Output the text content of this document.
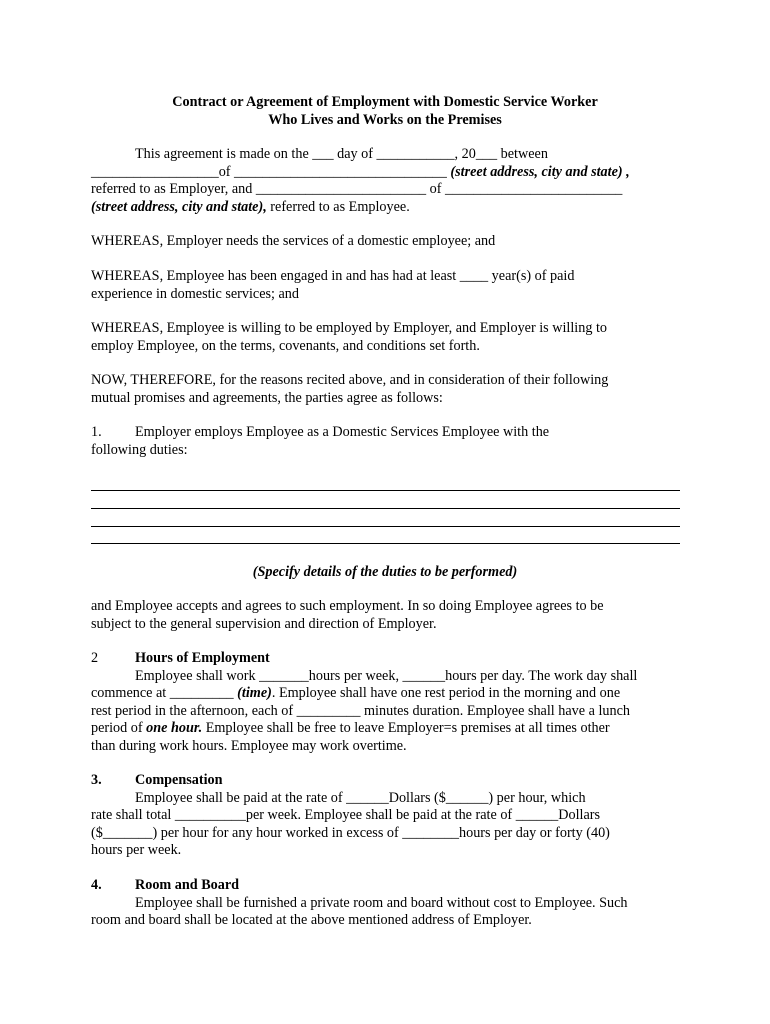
Contract or Agreement of Employment with Domestic Service Worker
Who Lives and Works on the Premises
This agreement is made on the ___ day of ___________, 20___ between
__________________of ______________________________ (street address, city and state) ,
referred to as Employer, and ________________________ of _________________________
(street address, city and state), referred to as Employee.
WHEREAS, Employer needs the services of a domestic employee; and
WHEREAS, Employee has been engaged in and has had at least ____ year(s) of paid
experience in domestic services; and
WHEREAS, Employee is willing to be employed by Employer, and Employer is willing to
employ Employee, on the terms, covenants, and conditions set forth.
NOW, THEREFORE, for the reasons recited above, and in consideration of their following
mutual promises and agreements, the parties agree as follows:
1. Employer employs Employee as a Domestic Services Employee with the
following duties:
(Specify details of the duties to be performed)
and Employee accepts and agrees to such employment. In so doing Employee agrees to be
subject to the general supervision and direction of Employer.
2	Hours of Employment
Employee shall work _______hours per week, ______hours per day. The work day shall
commence at _________ (time). Employee shall have one rest period in the morning and one
rest period in the afternoon, each of _________ minutes duration. Employee shall have a lunch
period of one hour. Employee shall be free to leave Employer=s premises at all times other
than during work hours. Employee may work overtime.
3. Compensation
Employee shall be paid at the rate of ______Dollars ($______) per hour, which
rate shall total __________per week. Employee shall be paid at the rate of ______Dollars
($_______) per hour for any hour worked in excess of ________hours per day or forty (40)
hours per week.
4. Room and Board
Employee shall be furnished a private room and board without cost to Employee. Such
room and board shall be located at the above mentioned address of Employer.
